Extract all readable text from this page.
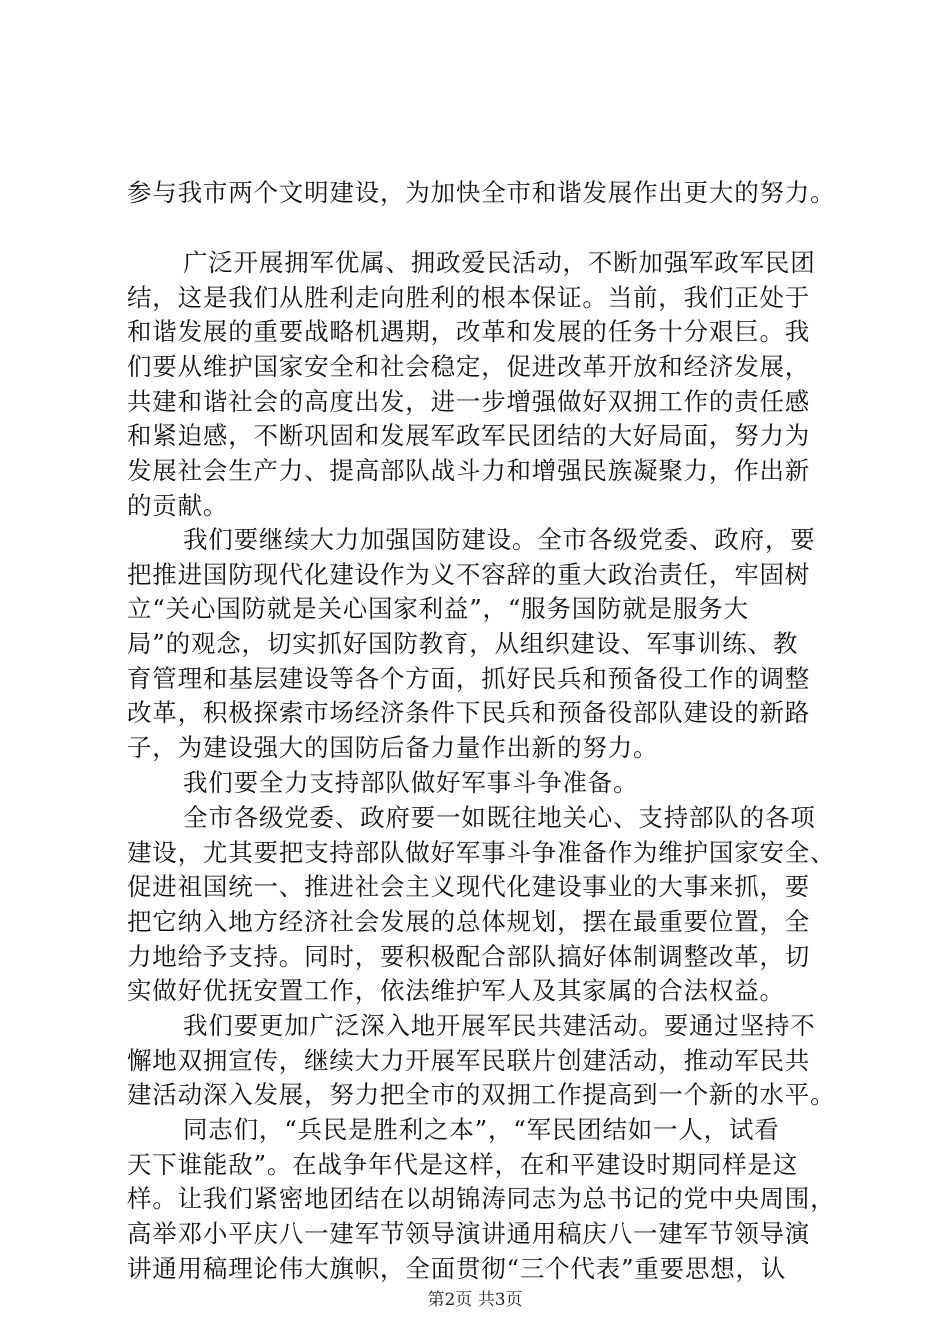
参与我市两个文明建设，为加快全市和谐发展作出更大的努力。
广泛开展拥军优属、拥政爱民活动，不断加强军政军民团
结，这是我们从胜利走向胜利的根本保证。当前，我们正处于
和谐发展的重要战略机遇期，改革和发展的任务十分艰巨。我
们要从维护国家安全和社会稳定，促进改革开放和经济发展，
共建和谐社会的高度出发，进一步增强做好双拥工作的责任感
和紧迫感，不断巩固和发展军政军民团结的大好局面，努力为
发展社会生产力、提高部队战斗力和增强民族凝聚力，作出新
的贡献。
我们要继续大力加强国防建设。全市各级党委、政府，要
把推进国防现代化建设作为义不容辞的重大政治责任，牢固树
立“关心国防就是关心国家利益”，“服务国防就是服务大
局”的观念，切实抓好国防教育，从组织建设、军事训练、教
育管理和基层建设等各个方面，抓好民兵和预备役工作的调整
改革，积极探索市场经济条件下民兵和预备役部队建设的新路
子，为建设强大的国防后备力量作出新的努力。
我们要全力支持部队做好军事斗争准备。
全市各级党委、政府要一如既往地关心、支持部队的各项
建设，尤其要把支持部队做好军事斗争准备作为维护国家安全、
促进祖国统一、推进社会主义现代化建设事业的大事来抓，要
把它纳入地方经济社会发展的总体规划，摆在最重要位置，全
力地给予支持。同时，要积极配合部队搞好体制调整改革，切
实做好优抚安置工作，依法维护军人及其家属的合法权益。
我们要更加广泛深入地开展军民共建活动。要通过坚持不
懈地双拥宣传，继续大力开展军民联片创建活动，推动军民共
建活动深入发展，努力把全市的双拥工作提高到一个新的水平。
同志们，“兵民是胜利之本”，“军民团结如一人，试看
天下谁能敌”。在战争年代是这样，在和平建设时期同样是这
样。让我们紧密地团结在以胡锦涛同志为总书记的党中央周围，
高举邓小平庆八一建军节领导演讲通用稿庆八一建军节领导演
讲通用稿理论伟大旗帜，全面贯彻“三个代表”重要思想，认
第2页 共3页
